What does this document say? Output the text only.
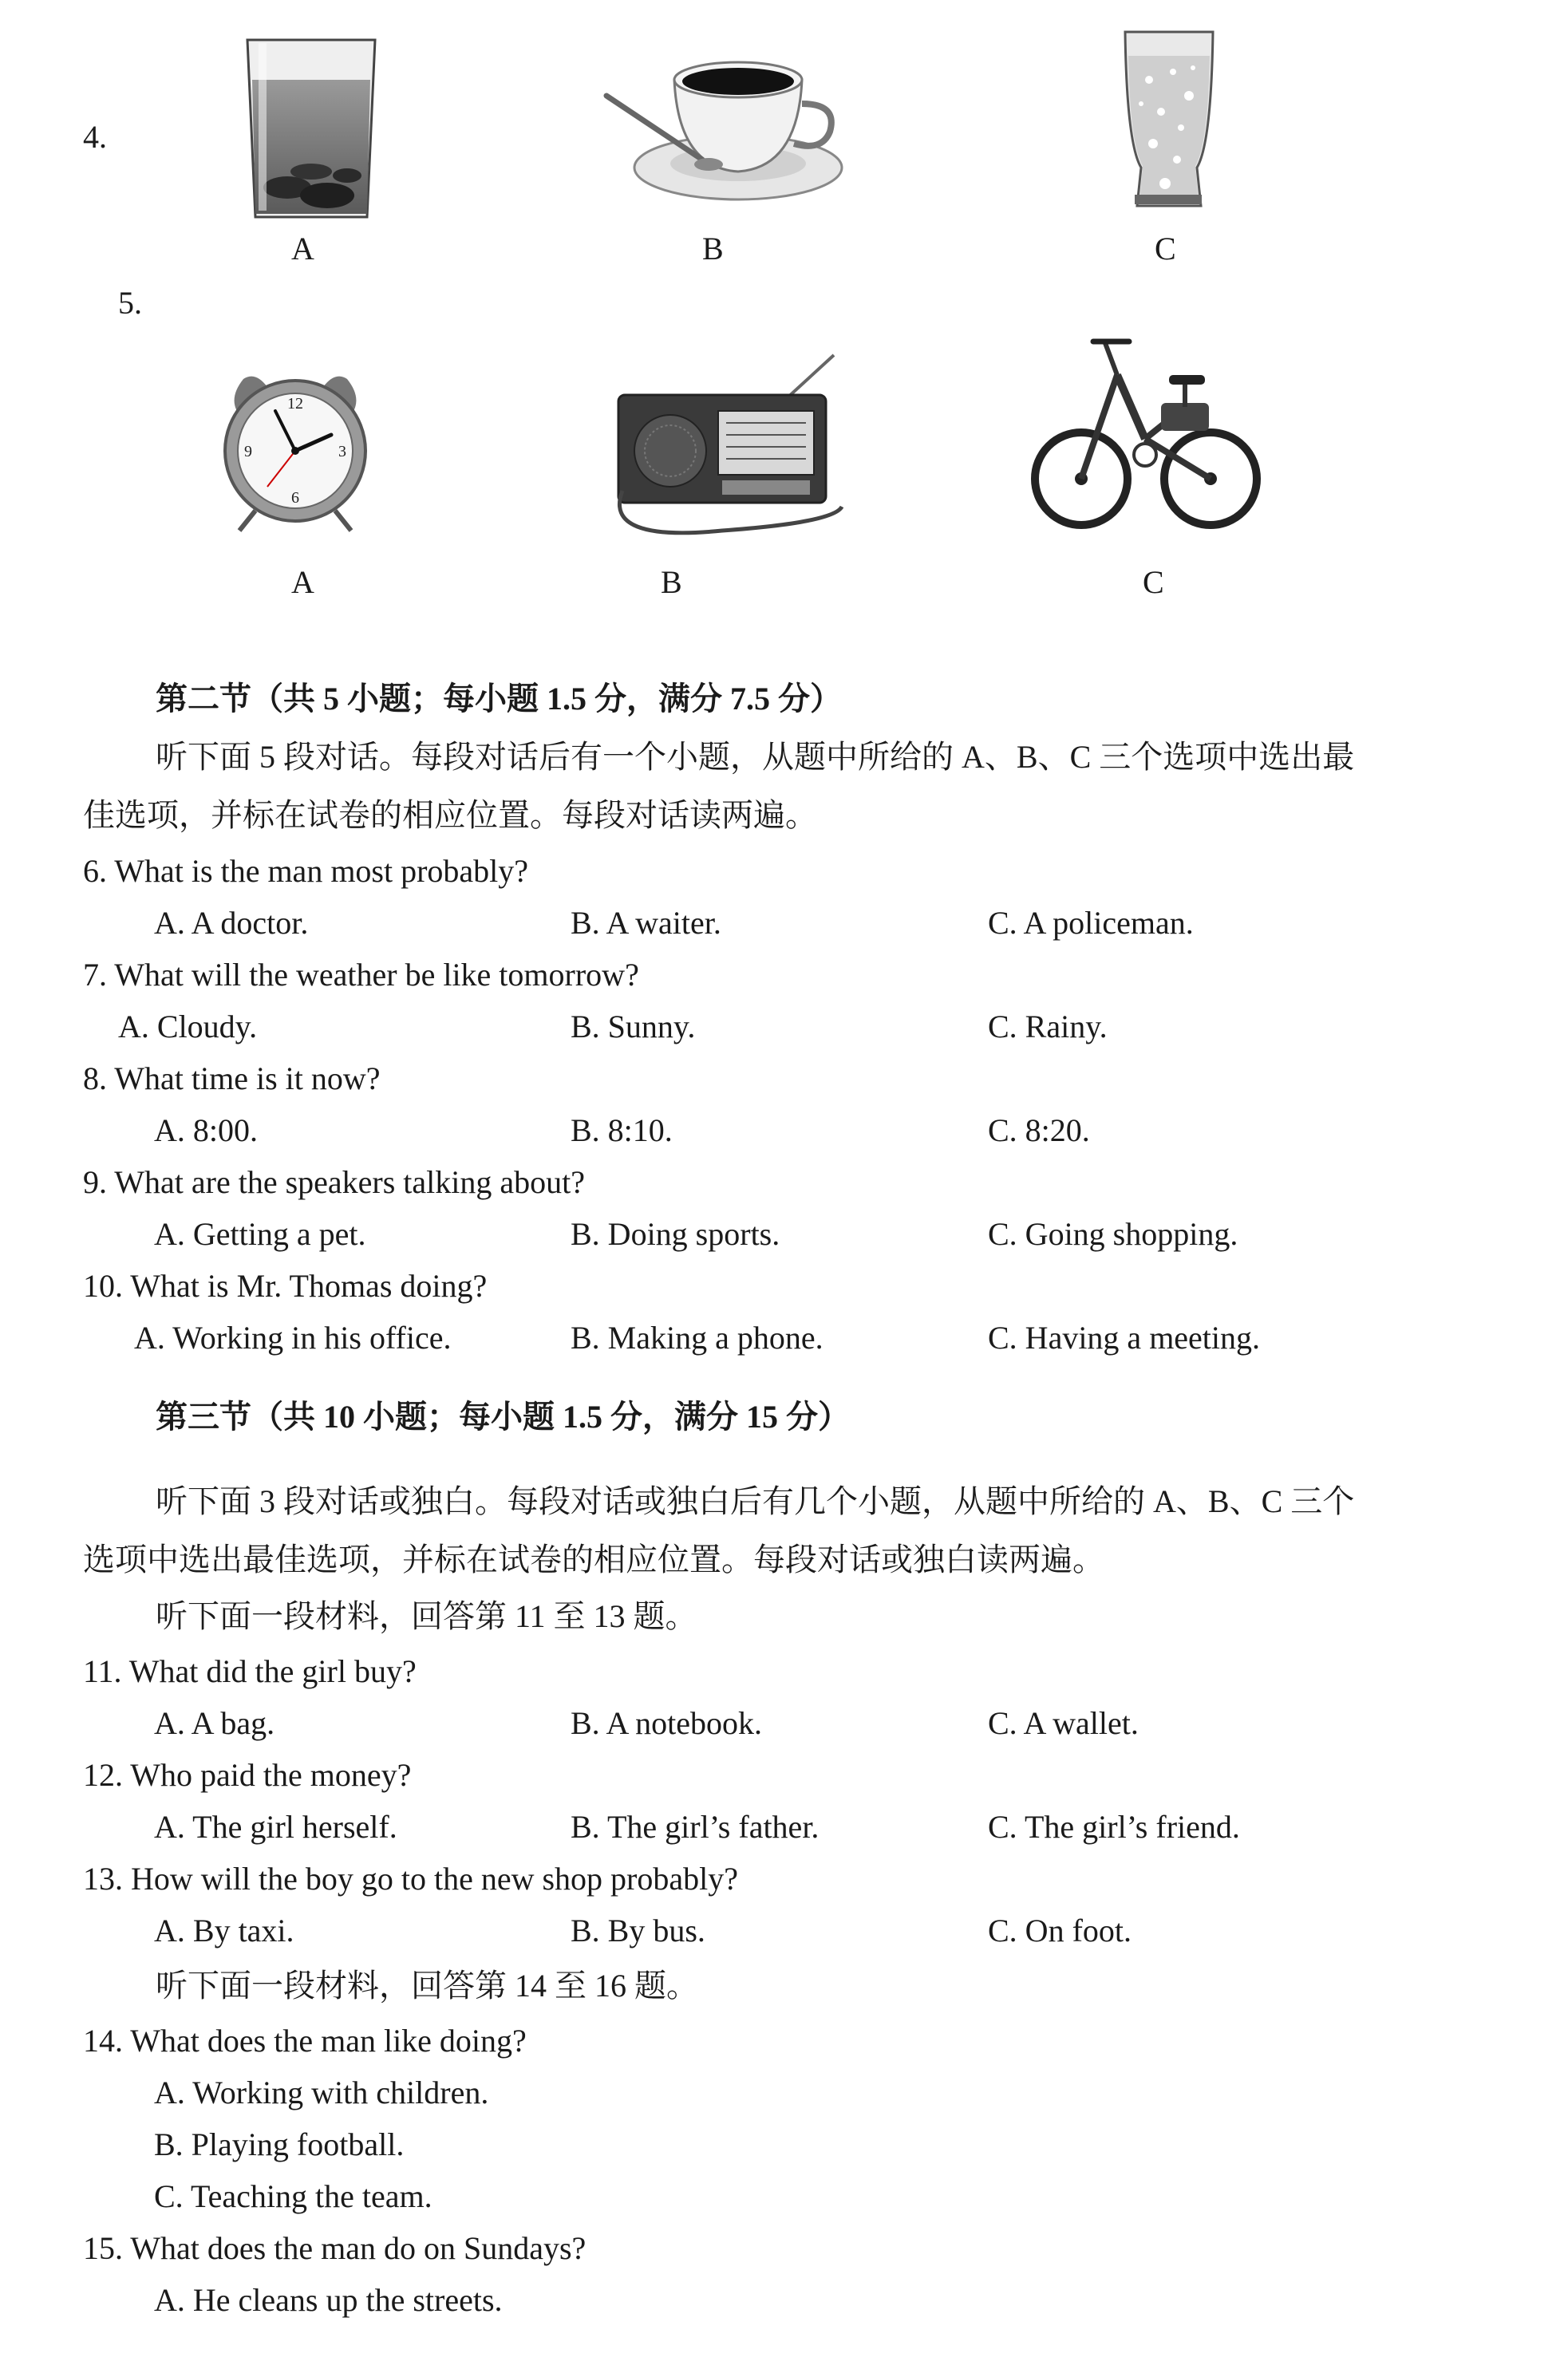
4.
A	B	C
5.
12
3
6
9
A	B	C
第二节（共 5 小题；每小题 1.5 分，满分 7.5 分）
听下面 5 段对话。每段对话后有一个小题，从题中所给的 A、B、C 三个选项中选出最
佳选项，并标在试卷的相应位置。每段对话读两遍。
6. What is the man most probably?
A. A doctor.	B. A waiter.	C. A policeman.
7. What will the weather be like tomorrow?
A. Cloudy.	B. Sunny.	C. Rainy.
8. What time is it now?
A. 8:00.	B. 8:10.	C. 8:20.
9. What are the speakers talking about?
A. Getting a pet.	B. Doing sports.	C. Going shopping.
10. What is Mr. Thomas doing?
A. Working in his office.	B. Making a phone.	C. Having a meeting.
第三节（共 10 小题；每小题 1.5 分，满分 15 分）
听下面 3 段对话或独白。每段对话或独白后有几个小题，从题中所给的 A、B、C 三个
选项中选出最佳选项，并标在试卷的相应位置。每段对话或独白读两遍。
听下面一段材料，回答第 11 至 13 题。
11. What did the girl buy?
A. A bag.	B. A notebook.	C. A wallet.
12. Who paid the money?
A. The girl herself.	B. The girl’s father.	C. The girl’s friend.
13. How will the boy go to the new shop probably?
A. By taxi.	B. By bus.	C. On foot.
听下面一段材料，回答第 14 至 16 题。
14. What does the man like doing?
A. Working with children.
B. Playing football.
C. Teaching the team.
15. What does the man do on Sundays?
A. He cleans up the streets.
